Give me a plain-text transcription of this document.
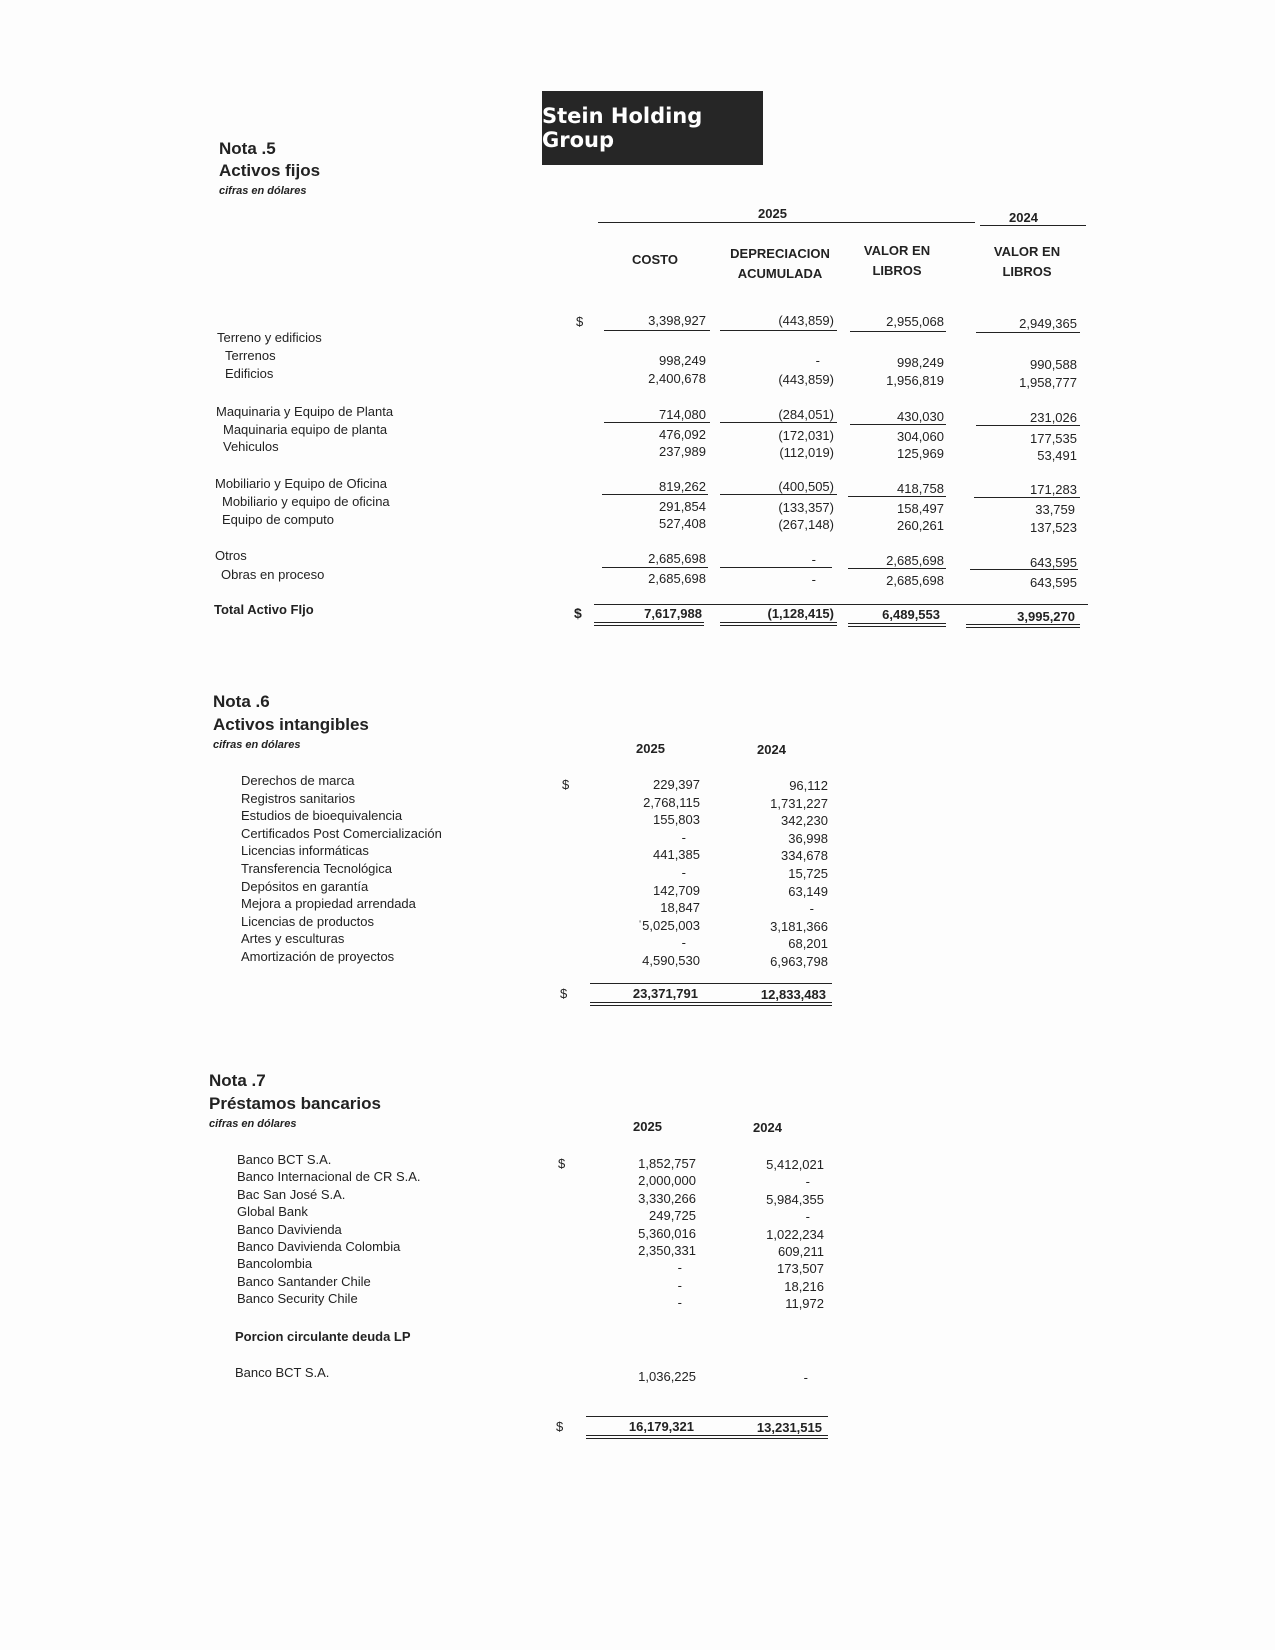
Stein Holding Group
Nota .5
Activos fijos
cifras en dólares
2025	2024
COSTO	DEPRECIACION
ACUMULADA
VALOR EN
LIBROS
VALOR EN
LIBROS
$	3,398,927	(443,859)	2,955,068	2,949,365
Terreno y edificios
Terrenos	998,249	-	998,249	990,588
Edificios	2,400,678	(443,859)	1,956,819	1,958,777
Maquinaria y Equipo de Planta	714,080	(284,051)	430,030	231,026
Maquinaria equipo de planta	476,092	(172,031)	304,060	177,535
Vehiculos	237,989	(112,019)	125,969	53,491
Mobiliario y Equipo de Oficina	819,262	(400,505)	418,758	171,283
Mobiliario y equipo de oficina	291,854	(133,357)	158,497	33,759
Equipo de computo	527,408	(267,148)	260,261	137,523
Otros	2,685,698	-	2,685,698	643,595
Obras en proceso	2,685,698	-	2,685,698	643,595
Total Activo FIjo	$	7,617,988	(1,128,415)	6,489,553	3,995,270
Nota .6
Activos intangibles
cifras en dólares	2025	2024
$
Derechos de marca	229,397	96,112
Registros sanitarios	2,768,115	1,731,227
Estudios de bioequivalencia	155,803	342,230
Certificados Post Comercialización	-	36,998
Licencias informáticas	441,385	334,678
Transferencia Tecnológica	-	15,725
Depósitos en garantía	142,709	63,149
Mejora a propiedad arrendada	18,847	-
Licencias de productos	ˈ5,025,003	3,181,366
Artes y esculturas	-	68,201
Amortización de proyectos	4,590,530	6,963,798
$	23,371,791	12,833,483
Nota .7
Préstamos bancarios
cifras en dólares	2025	2024
$
Banco BCT S.A.	1,852,757	5,412,021
Banco Internacional de CR S.A.	2,000,000	-
Bac San José S.A.	3,330,266	5,984,355
Global Bank	249,725	-
Banco Davivienda	5,360,016	1,022,234
Banco Davivienda Colombia	2,350,331	609,211
Bancolombia	-	173,507
Banco Santander Chile	-	18,216
Banco Security Chile	-	11,972
Porcion circulante deuda LP
Banco BCT S.A.	1,036,225	-
$	16,179,321	13,231,515
